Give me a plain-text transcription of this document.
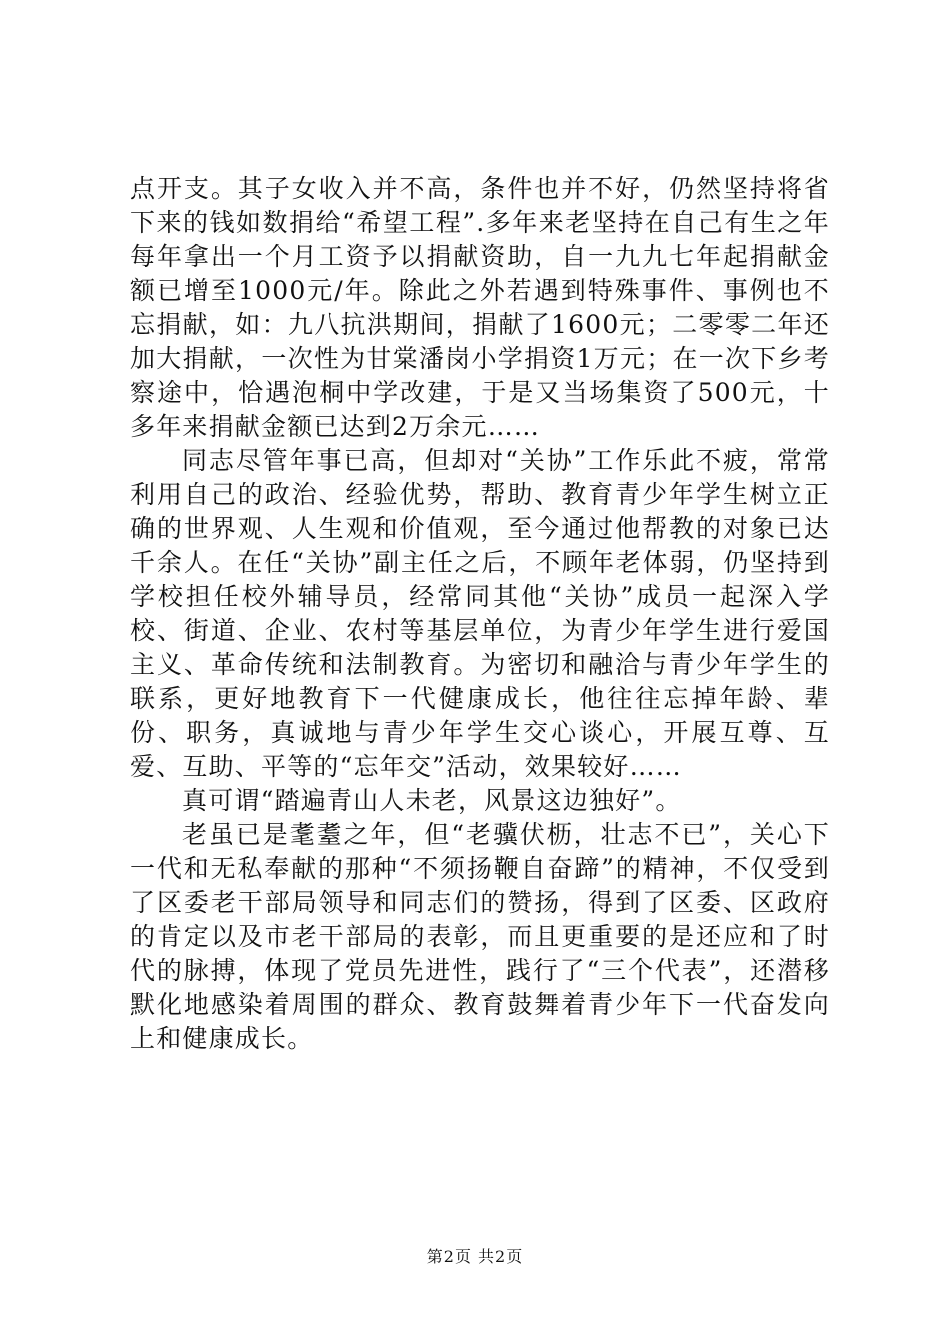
点开支。其子女收入并不高，条件也并不好，仍然坚持将省下来的钱如数捐给“希望工程”.多年来老坚持在自己有生之年每年拿出一个月工资予以捐献资助，自一九九七年起捐献金额已增至1000元/年。除此之外若遇到特殊事件、事例也不忘捐献，如：九八抗洪期间，捐献了1600元；二零零二年还加大捐献，一次性为甘棠潘岗小学捐资1万元；在一次下乡考察途中，恰遇泡桐中学改建，于是又当场集资了500元，十多年来捐献金额已达到2万余元……

同志尽管年事已高，但却对“关协”工作乐此不疲，常常利用自己的政治、经验优势，帮助、教育青少年学生树立正确的世界观、人生观和价值观，至今通过他帮教的对象已达千余人。在任“关协”副主任之后，不顾年老体弱，仍坚持到学校担任校外辅导员，经常同其他“关协”成员一起深入学校、街道、企业、农村等基层单位，为青少年学生进行爱国主义、革命传统和法制教育。为密切和融洽与青少年学生的联系，更好地教育下一代健康成长，他往往忘掉年龄、辈份、职务，真诚地与青少年学生交心谈心，开展互尊、互爱、互助、平等的“忘年交”活动，效果较好……

真可谓“踏遍青山人未老，风景这边独好”。

老虽已是耄耋之年，但“老骥伏枥，壮志不已”，关心下一代和无私奉献的那种“不须扬鞭自奋蹄”的精神，不仅受到了区委老干部局领导和同志们的赞扬，得到了区委、区政府的肯定以及市老干部局的表彰，而且更重要的是还应和了时代的脉搏，体现了党员先进性，践行了“三个代表”，还潜移默化地感染着周围的群众、教育鼓舞着青少年下一代奋发向上和健康成长。

第2页 共2页
